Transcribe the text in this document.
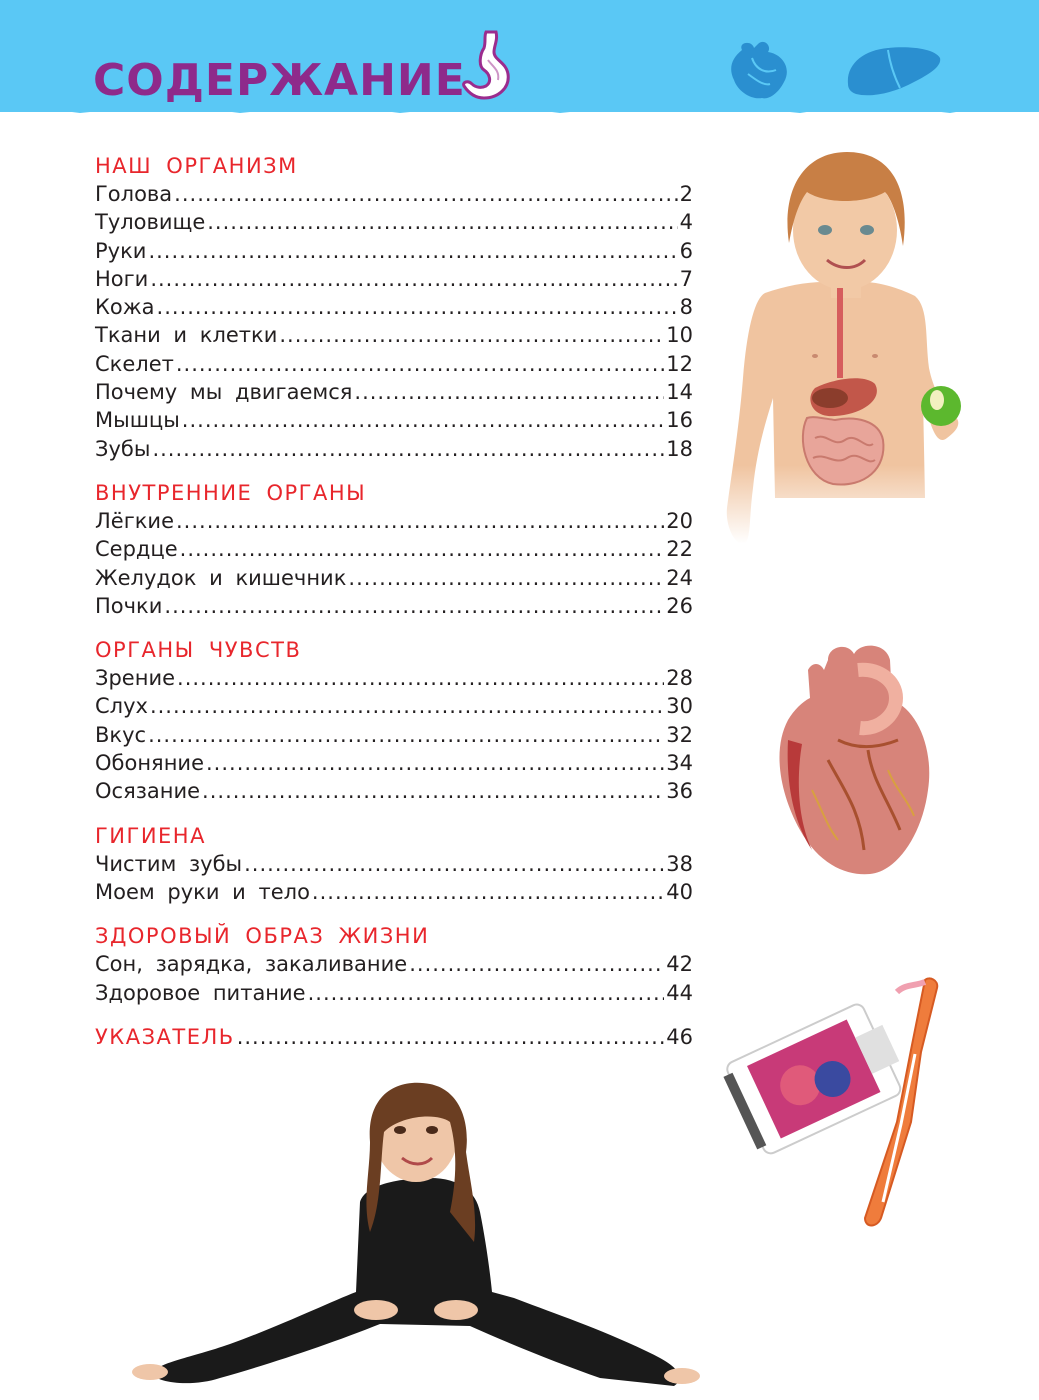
СОДЕРЖАНИЕ
НАШ ОРГАНИЗМ
Голова .....	2
Туловище .....	4
Руки .....	6
Ноги .....	7
Кожа .....	8
Ткани и клетки .....	10
Скелет .....	12
Почему мы двигаемся .....	14
Мышцы .....	16
Зубы .....	18
ВНУТРЕННИЕ ОРГАНЫ
Лёгкие .....	20
Сердце .....	22
Желудок и кишечник .....	24
Почки .....	26
ОРГАНЫ ЧУВСТВ
Зрение .....	28
Слух .....	30
Вкус .....	32
Обоняние .....	34
Осязание .....	36
ГИГИЕНА
Чистим зубы .....	38
Моем руки и тело .....	40
ЗДОРОВЫЙ ОБРАЗ ЖИЗНИ
Сон, зарядка, закаливание .....	42
Здоровое питание .....	44
УКАЗАТЕЛЬ .....	46
